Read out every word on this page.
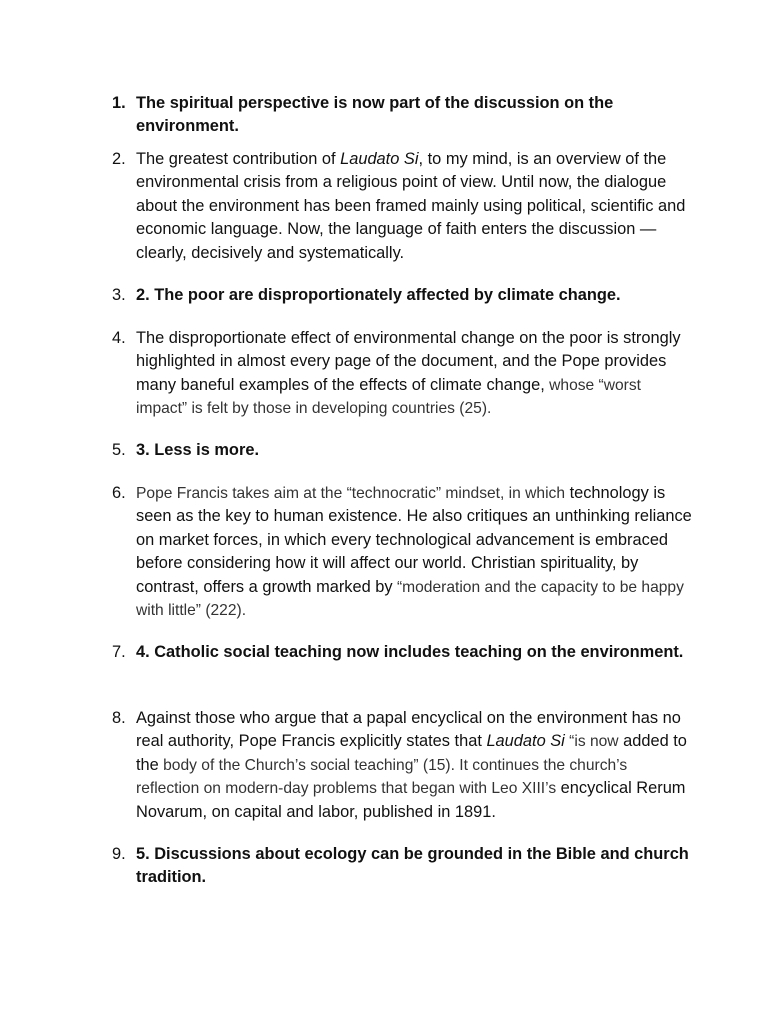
1. The spiritual perspective is now part of the discussion on the environment.
2. The greatest contribution of Laudato Si, to my mind, is an overview of the environmental crisis from a religious point of view. Until now, the dialogue about the environment has been framed mainly using political, scientific and economic language. Now, the language of faith enters the discussion — clearly, decisively and systematically.
3. 2. The poor are disproportionately affected by climate change.
4. The disproportionate effect of environmental change on the poor is strongly highlighted in almost every page of the document, and the Pope provides many baneful examples of the effects of climate change, whose “worst impact” is felt by those in developing countries (25).
5. 3. Less is more.
6. Pope Francis takes aim at the “technocratic” mindset, in which technology is seen as the key to human existence. He also critiques an unthinking reliance on market forces, in which every technological advancement is embraced before considering how it will affect our world. Christian spirituality, by contrast, offers a growth marked by “moderation and the capacity to be happy with little” (222).
7. 4. Catholic social teaching now includes teaching on the environment.
8. Against those who argue that a papal encyclical on the environment has no real authority, Pope Francis explicitly states that Laudato Si “is now added to the body of the Church’s social teaching” (15). It continues the church’s reflection on modern-day problems that began with Leo XIII’s encyclical Rerum Novarum, on capital and labor, published in 1891.
9. 5. Discussions about ecology can be grounded in the Bible and church tradition.
